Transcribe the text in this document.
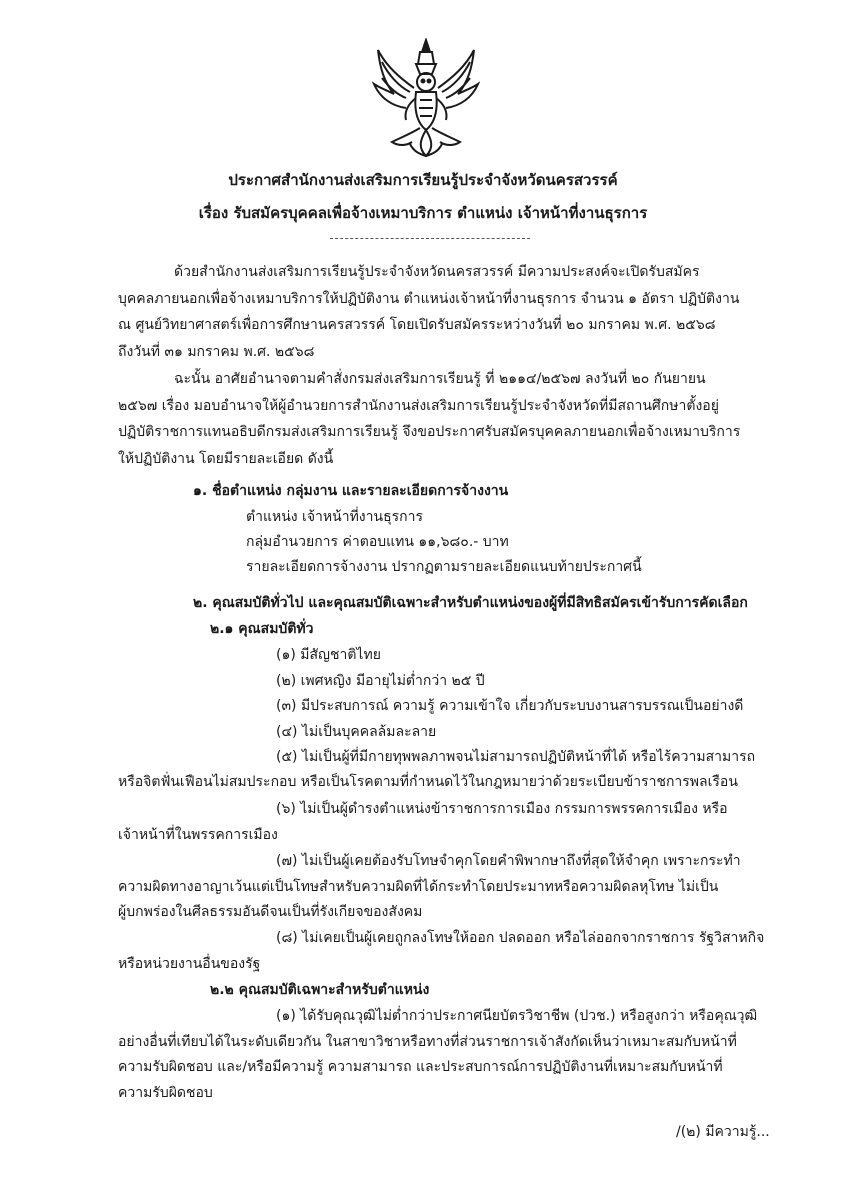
ประกาศสำนักงานส่งเสริมการเรียนรู้ประจำจังหวัดนครสวรรค์
เรื่อง รับสมัครบุคคลเพื่อจ้างเหมาบริการ ตำแหน่ง เจ้าหน้าที่งานธุรการ
ด้วยสำนักงานส่งเสริมการเรียนรู้ประจำจังหวัดนครสวรรค์ มีความประสงค์จะเปิดรับสมัคร
บุคคลภายนอกเพื่อจ้างเหมาบริการให้ปฏิบัติงาน ตำแหน่งเจ้าหน้าที่งานธุรการ จำนวน ๑ อัตรา ปฏิบัติงาน
ณ ศูนย์วิทยาศาสตร์เพื่อการศึกษานครสวรรค์ โดยเปิดรับสมัครระหว่างวันที่ ๒๐ มกราคม พ.ศ. ๒๕๖๘
ถึงวันที่ ๓๑ มกราคม พ.ศ. ๒๕๖๘
ฉะนั้น อาศัยอำนาจตามคำสั่งกรมส่งเสริมการเรียนรู้ ที่ ๒๑๑๔/๒๕๖๗ ลงวันที่ ๒๐ กันยายน
๒๕๖๗ เรื่อง มอบอำนาจให้ผู้อำนวยการสำนักงานส่งเสริมการเรียนรู้ประจำจังหวัดที่มีสถานศึกษาตั้งอยู่
ปฏิบัติราชการแทนอธิบดีกรมส่งเสริมการเรียนรู้ จึงขอประกาศรับสมัครบุคคลภายนอกเพื่อจ้างเหมาบริการ
ให้ปฏิบัติงาน โดยมีรายละเอียด ดังนี้
๑. ชื่อตำแหน่ง กลุ่มงาน และรายละเอียดการจ้างงาน
ตำแหน่ง เจ้าหน้าที่งานธุรการ
กลุ่มอำนวยการ ค่าตอบแทน ๑๑,๖๘๐.- บาท
รายละเอียดการจ้างงาน ปรากฏตามรายละเอียดแนบท้ายประกาศนี้
๒. คุณสมบัติทั่วไป และคุณสมบัติเฉพาะสำหรับตำแหน่งของผู้ที่มีสิทธิสมัครเข้ารับการคัดเลือก
๒.๑ คุณสมบัติทั่ว
(๑) มีสัญชาติไทย
(๒) เพศหญิง มีอายุไม่ต่ำกว่า ๒๕ ปี
(๓) มีประสบการณ์ ความรู้ ความเข้าใจ เกี่ยวกับระบบงานสารบรรณเป็นอย่างดี
(๔) ไม่เป็นบุคคลล้มละลาย
(๕) ไม่เป็นผู้ที่มีกายทุพพลภาพจนไม่สามารถปฏิบัติหน้าที่ได้ หรือไร้ความสามารถ
หรือจิตฟั่นเฟือนไม่สมประกอบ หรือเป็นโรคตามที่กำหนดไว้ในกฎหมายว่าด้วยระเบียบข้าราชการพลเรือน
(๖) ไม่เป็นผู้ดำรงตำแหน่งข้าราชการการเมือง กรรมการพรรคการเมือง หรือ
เจ้าหน้าที่ในพรรคการเมือง
(๗) ไม่เป็นผู้เคยต้องรับโทษจำคุกโดยคำพิพากษาถึงที่สุดให้จำคุก เพราะกระทำ
ความผิดทางอาญาเว้นแต่เป็นโทษสำหรับความผิดที่ได้กระทำโดยประมาทหรือความผิดลหุโทษ ไม่เป็น
ผู้บกพร่องในศีลธรรมอันดีจนเป็นที่รังเกียจของสังคม
(๘) ไม่เคยเป็นผู้เคยถูกลงโทษให้ออก ปลดออก หรือไล่ออกจากราชการ รัฐวิสาหกิจ
หรือหน่วยงานอื่นของรัฐ
๒.๒ คุณสมบัติเฉพาะสำหรับตำแหน่ง
(๑) ได้รับคุณวุฒิไม่ต่ำกว่าประกาศนียบัตรวิชาชีพ (ปวช.) หรือสูงกว่า หรือคุณวุฒิ
อย่างอื่นที่เทียบได้ในระดับเดียวกัน ในสาขาวิชาหรือทางที่ส่วนราชการเจ้าสังกัดเห็นว่าเหมาะสมกับหน้าที่
ความรับผิดชอบ และ/หรือมีความรู้ ความสามารถ และประสบการณ์การปฏิบัติงานที่เหมาะสมกับหน้าที่
ความรับผิดชอบ
/(๒) มีความรู้...
